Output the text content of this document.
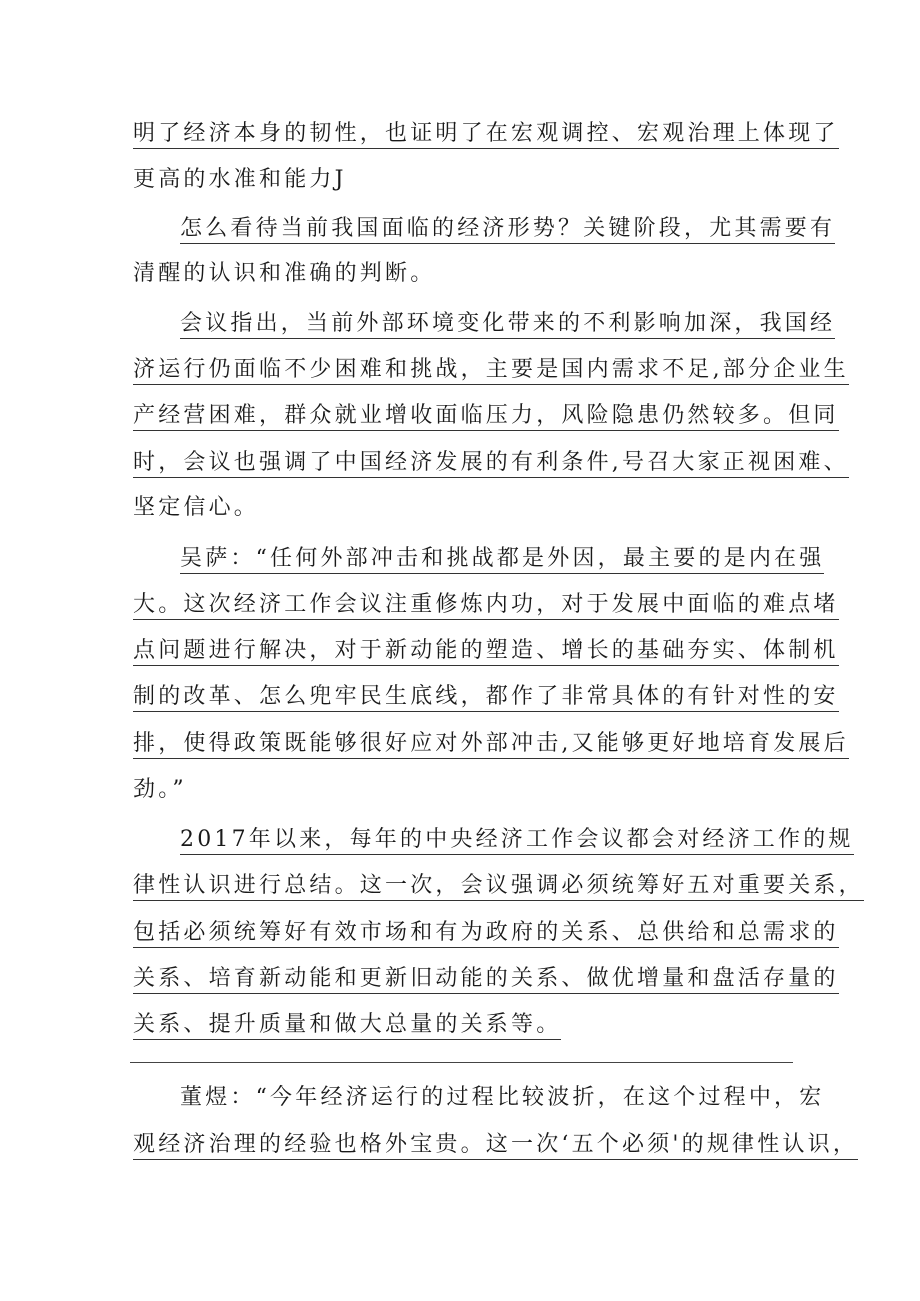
明了经济本身的韧性，也证明了在宏观调控、宏观治理上体现了
更高的水准和能力J
怎么看待当前我国面临的经济形势？关键阶段，尤其需要有
清醒的认识和准确的判断。
会议指出，当前外部环境变化带来的不利影响加深，我国经
济运行仍面临不少困难和挑战，主要是国内需求不足,部分企业生
产经营困难，群众就业增收面临压力，风险隐患仍然较多。但同
时，会议也强调了中国经济发展的有利条件,号召大家正视困难、
坚定信心。
吴萨：“任何外部冲击和挑战都是外因，最主要的是内在强
大。这次经济工作会议注重修炼内功，对于发展中面临的难点堵
点问题进行解决，对于新动能的塑造、增长的基础夯实、体制机
制的改革、怎么兜牢民生底线，都作了非常具体的有针对性的安
排，使得政策既能够很好应对外部冲击,又能够更好地培育发展后
劲。”
2017年以来，每年的中央经济工作会议都会对经济工作的规
律性认识进行总结。这一次，会议强调必须统筹好五对重要关系，
包括必须统筹好有效市场和有为政府的关系、总供给和总需求的
关系、培育新动能和更新旧动能的关系、做优增量和盘活存量的
关系、提升质量和做大总量的关系等。
董煜：“今年经济运行的过程比较波折，在这个过程中，宏
观经济治理的经验也格外宝贵。这一次‘五个必须'的规律性认识，
